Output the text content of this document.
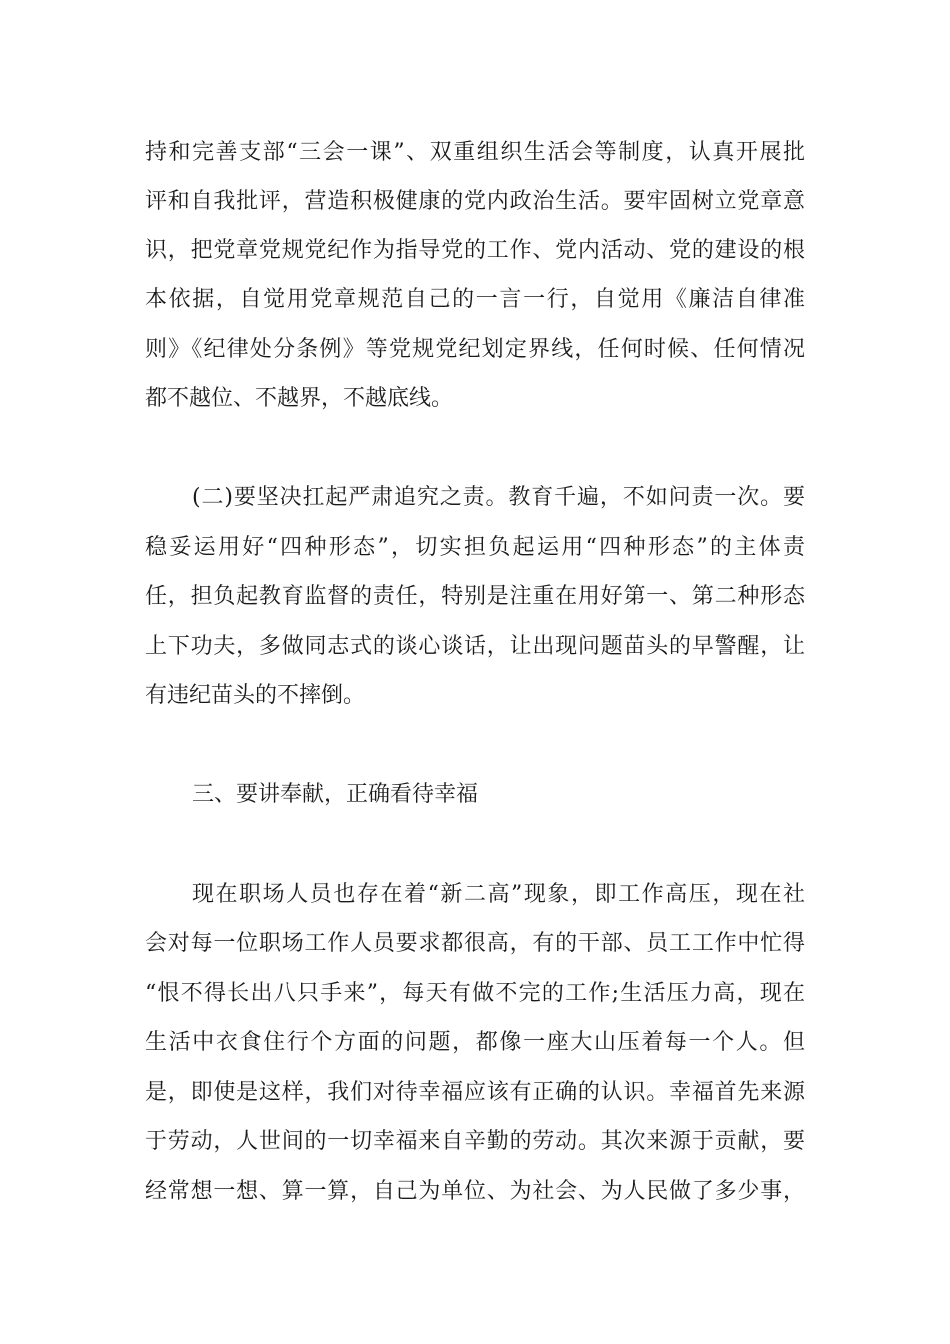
持和完善支部“三会一课”、双重组织生活会等制度，认真开展批
评和自我批评，营造积极健康的党内政治生活。要牢固树立党章意
识，把党章党规党纪作为指导党的工作、党内活动、党的建设的根
本依据，自觉用党章规范自己的一言一行，自觉用《廉洁自律准
则》《纪律处分条例》等党规党纪划定界线，任何时候、任何情况
都不越位、不越界，不越底线。
(二)要坚决扛起严肃追究之责。教育千遍，不如问责一次。要
稳妥运用好“四种形态”，切实担负起运用“四种形态”的主体责
任，担负起教育监督的责任，特别是注重在用好第一、第二种形态
上下功夫，多做同志式的谈心谈话，让出现问题苗头的早警醒，让
有违纪苗头的不摔倒。
三、要讲奉献，正确看待幸福
现在职场人员也存在着“新二高”现象，即工作高压，现在社
会对每一位职场工作人员要求都很高，有的干部、员工工作中忙得
“恨不得长出八只手来”，每天有做不完的工作;生活压力高，现在
生活中衣食住行个方面的问题，都像一座大山压着每一个人。但
是，即使是这样，我们对待幸福应该有正确的认识。幸福首先来源
于劳动，人世间的一切幸福来自辛勤的劳动。其次来源于贡献，要
经常想一想、算一算，自己为单位、为社会、为人民做了多少事，
